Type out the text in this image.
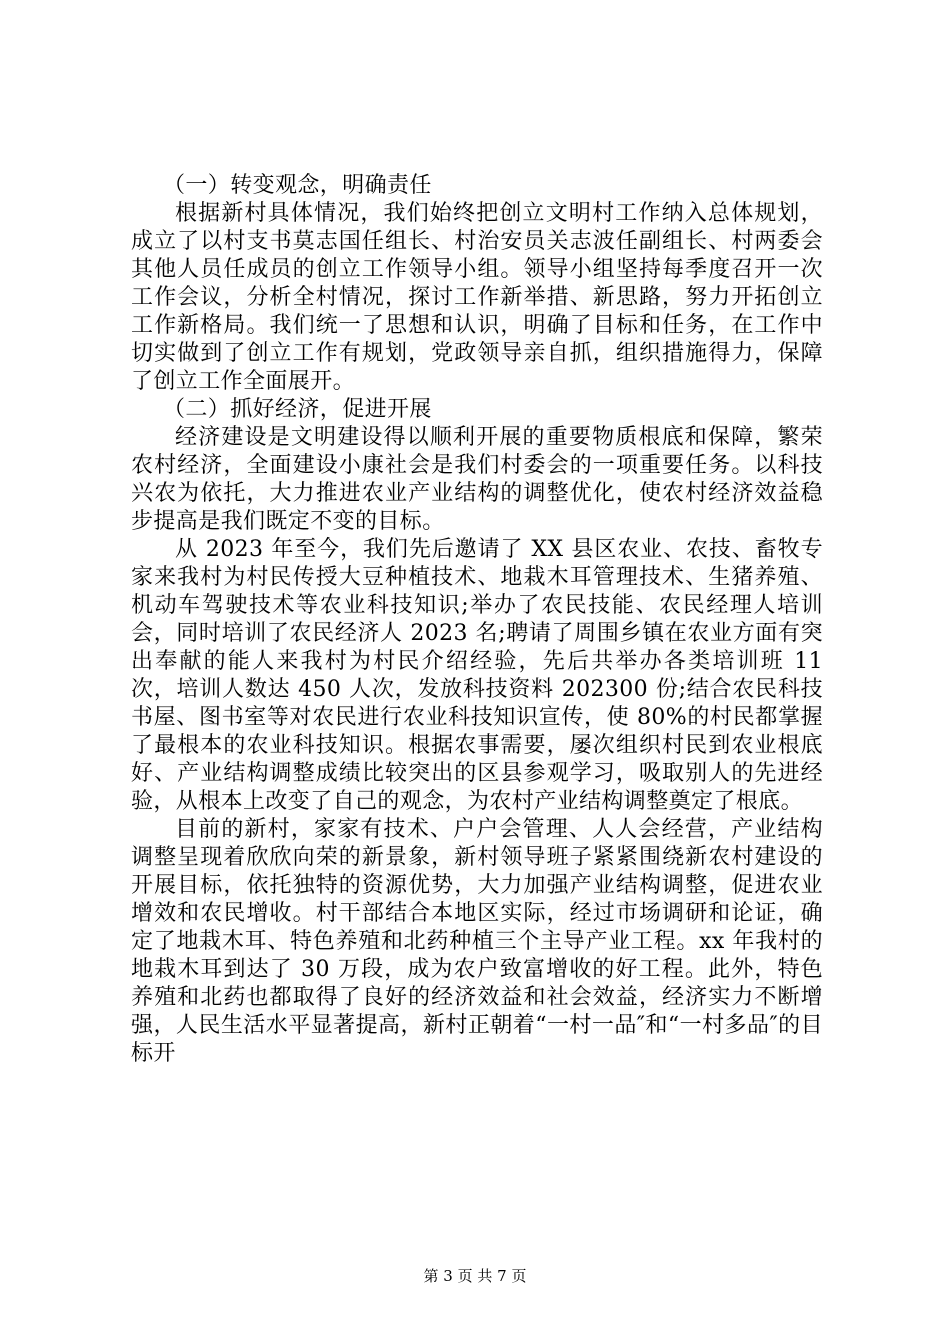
（一）转变观念，明确责任

根据新村具体情况，我们始终把创立文明村工作纳入总体规划，成立了以村支书莫志国任组长、村治安员关志波任副组长、村两委会其他人员任成员的创立工作领导小组。领导小组坚持每季度召开一次工作会议，分析全村情况，探讨工作新举措、新思路，努力开拓创立工作新格局。我们统一了思想和认识，明确了目标和任务，在工作中切实做到了创立工作有规划，党政领导亲自抓，组织措施得力，保障了创立工作全面展开。

（二）抓好经济，促进开展

经济建设是文明建设得以顺利开展的重要物质根底和保障，繁荣农村经济，全面建设小康社会是我们村委会的一项重要任务。以科技兴农为依托，大力推进农业产业结构的调整优化，使农村经济效益稳步提高是我们既定不变的目标。

从 2023 年至今，我们先后邀请了 XX 县区农业、农技、畜牧专家来我村为村民传授大豆种植技术、地栽木耳管理技术、生猪养殖、机动车驾驶技术等农业科技知识;举办了农民技能、农民经理人培训会，同时培训了农民经济人 2023 名;聘请了周围乡镇在农业方面有突出奉献的能人来我村为村民介绍经验，先后共举办各类培训班 11 次，培训人数达 450 人次，发放科技资料 202300 份;结合农民科技书屋、图书室等对农民进行农业科技知识宣传，使 80%的村民都掌握了最根本的农业科技知识。根据农事需要，屡次组织村民到农业根底好、产业结构调整成绩比较突出的区县参观学习，吸取别人的先进经验，从根本上改变了自己的观念，为农村产业结构调整奠定了根底。

目前的新村，家家有技术、户户会管理、人人会经营，产业结构调整呈现着欣欣向荣的新景象，新村领导班子紧紧围绕新农村建设的开展目标，依托独特的资源优势，大力加强产业结构调整，促进农业增效和农民增收。村干部结合本地区实际，经过市场调研和论证，确定了地栽木耳、特色养殖和北药种植三个主导产业工程。xx 年我村的地栽木耳到达了 30 万段，成为农户致富增收的好工程。此外，特色养殖和北药也都取得了良好的经济效益和社会效益，经济实力不断增强，人民生活水平显著提高，新村正朝着“一村一品″和“一村多品″的目标开

第 3 页 共 7 页
